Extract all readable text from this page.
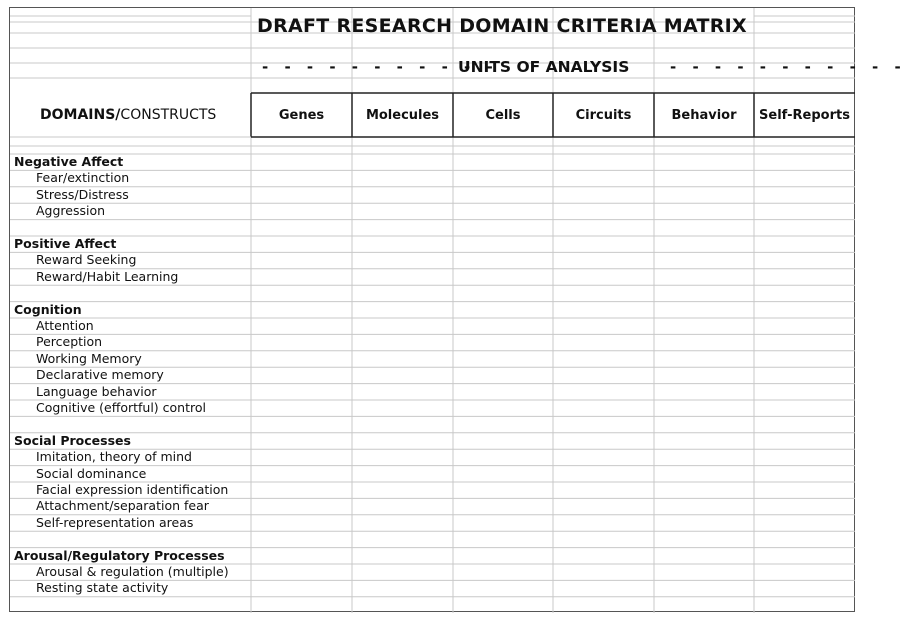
DRAFT RESEARCH DOMAIN CRITERIA MATRIX
- - - - - - - - - - -
UNITS OF ANALYSIS	- - - - - - - - - - -
DOMAINS/CONSTRUCTS	Genes	Molecules	Cells	Circuits	Behavior	Self-Reports
Negative Affect
Fear/extinction
Stress/Distress
Aggression
Positive Affect
Reward Seeking
Reward/Habit Learning
Cognition
Attention
Perception
Working Memory
Declarative memory
Language behavior
Cognitive (effortful) control
Social Processes
Imitation, theory of mind
Social dominance
Facial expression identification
Attachment/separation fear
Self-representation areas
Arousal/Regulatory Processes
Arousal & regulation (multiple)
Resting state activity
